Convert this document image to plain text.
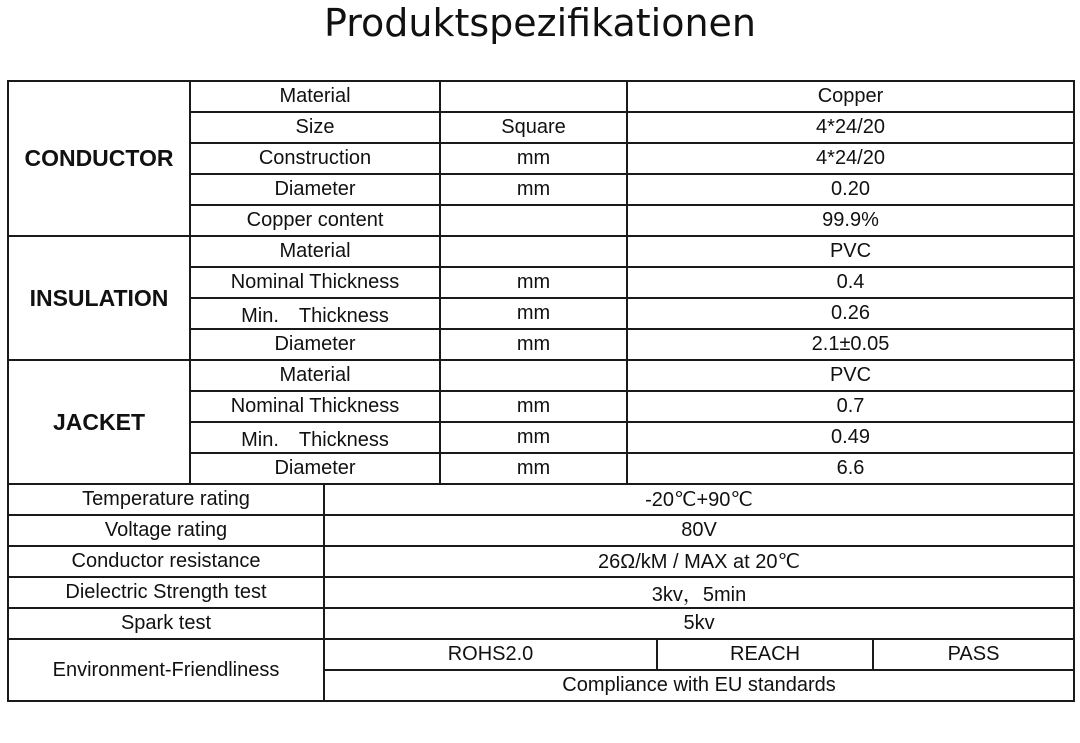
Produktspezifikationen
CONDUCTOR	Material			Copper		
	Size		Square	4*24/20		
	Construction		mm	4*24/20		
	Diameter		mm	0.20		
	Copper content			99.9%		
INSULATION	Material			PVC		
	Nominal Thickness		mm	0.4		
	Min.　Thickness		mm	0.26		
	Diameter		mm	2.1±0.05		
JACKET	Material			PVC		
	Nominal Thickness		mm	0.7		
	Min.　Thickness		mm	0.49		
	Diameter		mm	6.6		
Temperature rating		-20℃+90℃				
Voltage rating		80V				
Conductor resistance		26Ω/kM / MAX at 20℃				
Dielectric Strength test		3kv，5min				
Spark test		5kv				
Environment-Friendliness		ROHS2.0			REACH	PASS
		Compliance with EU standards				
